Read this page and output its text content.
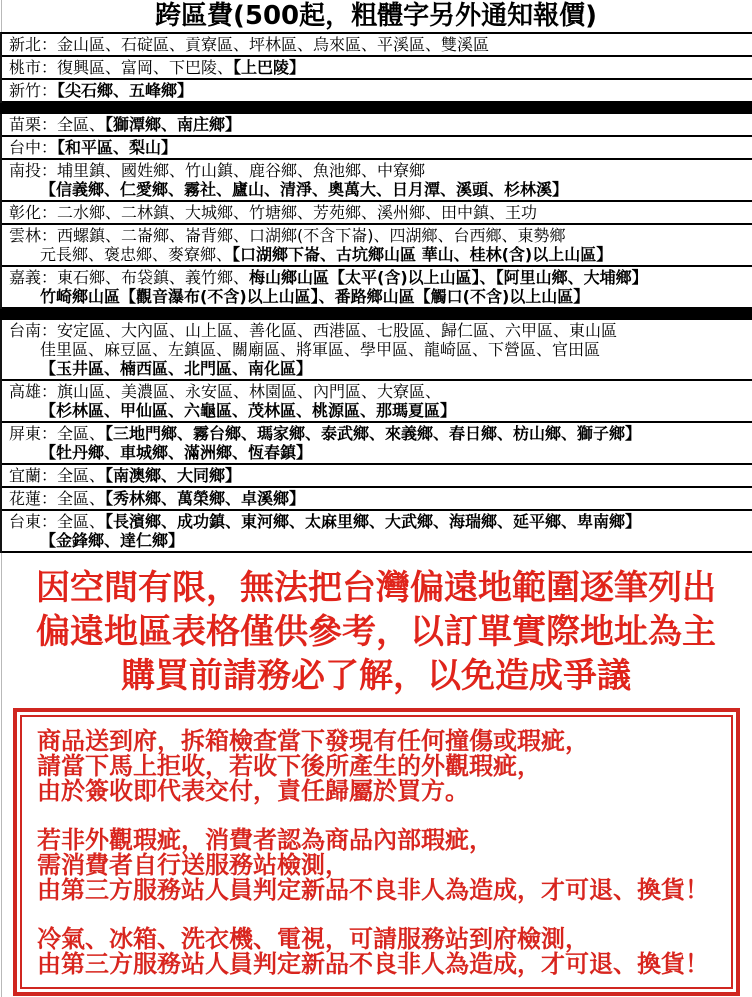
跨區費(500起，粗體字另外通知報價)
新北：金山區、石碇區、貢寮區、坪林區、烏來區、平溪區、雙溪區
桃市：復興區、富岡、下巴陵、【上巴陵】
新竹：【尖石鄉、五峰鄉】
苗栗：全區、【獅潭鄉、南庄鄉】
台中：【和平區、梨山】
南投：埔里鎮、國姓鄉、竹山鎮、鹿谷鄉、魚池鄉、中寮鄉
【信義鄉、仁愛鄉、霧社、廬山、清淨、奧萬大、日月潭、溪頭、杉林溪】
彰化：二水鄉、二林鎮、大城鄉、竹塘鄉、芳苑鄉、溪州鄉、田中鎮、王功
雲林：西螺鎮、二崙鄉、崙背鄉、口湖鄉(不含下崙)、四湖鄉、台西鄉、東勢鄉
元長鄉、褒忠鄉、麥寮鄉、【口湖鄉下崙、古坑鄉山區 華山、桂林(含)以上山區】
嘉義：東石鄉、布袋鎮、義竹鄉、梅山鄉山區【太平(含)以上山區】、【阿里山鄉、大埔鄉】
竹崎鄉山區【觀音瀑布(不含)以上山區】、番路鄉山區【觸口(不含)以上山區】
台南：安定區、大內區、山上區、善化區、西港區、七股區、歸仁區、六甲區、東山區
佳里區、麻豆區、左鎮區、關廟區、將軍區、學甲區、龍崎區、下營區、官田區
【玉井區、楠西區、北門區、南化區】
高雄：旗山區、美濃區、永安區、林園區、內門區、大寮區、
【杉林區、甲仙區、六龜區、茂林區、桃源區、那瑪夏區】
屏東：全區、【三地門鄉、霧台鄉、瑪家鄉、泰武鄉、來義鄉、春日鄉、枋山鄉、獅子鄉】
【牡丹鄉、車城鄉、滿洲鄉、恆春鎮】
宜蘭：全區、【南澳鄉、大同鄉】
花蓮：全區、【秀林鄉、萬榮鄉、卓溪鄉】
台東：全區、【長濱鄉、成功鎮、東河鄉、太麻里鄉、大武鄉、海瑞鄉、延平鄉、卑南鄉】
【金鋒鄉、達仁鄉】
因空間有限，無法把台灣偏遠地範圍逐筆列出
偏遠地區表格僅供參考，以訂單實際地址為主
購買前請務必了解，以免造成爭議
商品送到府，拆箱檢查當下發現有任何撞傷或瑕疵，
請當下馬上拒收，若收下後所產生的外觀瑕疵，
由於簽收即代表交付，責任歸屬於買方。
若非外觀瑕疵，消費者認為商品內部瑕疵，
需消費者自行送服務站檢測，
由第三方服務站人員判定新品不良非人為造成，才可退、換貨！
冷氣、冰箱、洗衣機、電視，可請服務站到府檢測，
由第三方服務站人員判定新品不良非人為造成，才可退、換貨！
